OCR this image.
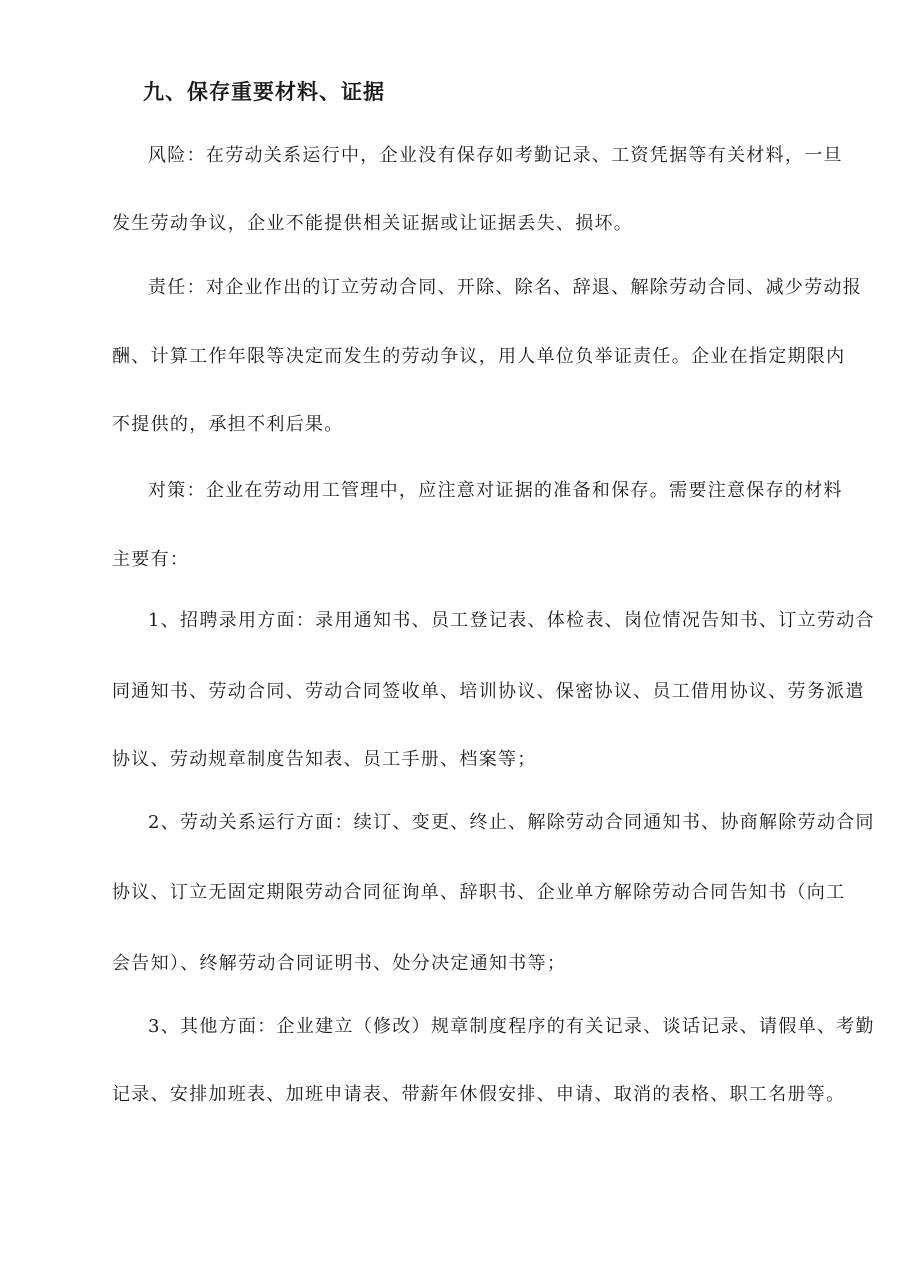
九、保存重要材料、证据
风险：在劳动关系运行中，企业没有保存如考勤记录、工资凭据等有关材料，一旦
发生劳动争议，企业不能提供相关证据或让证据丢失、损坏。
责任：对企业作出的订立劳动合同、开除、除名、辞退、解除劳动合同、减少劳动报
酬、计算工作年限等决定而发生的劳动争议，用人单位负举证责任。企业在指定期限内
不提供的，承担不利后果。
对策：企业在劳动用工管理中，应注意对证据的准备和保存。需要注意保存的材料
主要有：
1、招聘录用方面：录用通知书、员工登记表、体检表、岗位情况告知书、订立劳动合
同通知书、劳动合同、劳动合同签收单、培训协议、保密协议、员工借用协议、劳务派遣
协议、劳动规章制度告知表、员工手册、档案等；
2、劳动关系运行方面：续订、变更、终止、解除劳动合同通知书、协商解除劳动合同
协议、订立无固定期限劳动合同征询单、辞职书、企业单方解除劳动合同告知书（向工
会告知）、终解劳动合同证明书、处分决定通知书等；
3、其他方面：企业建立（修改）规章制度程序的有关记录、谈话记录、请假单、考勤
记录、安排加班表、加班申请表、带薪年休假安排、申请、取消的表格、职工名册等。
